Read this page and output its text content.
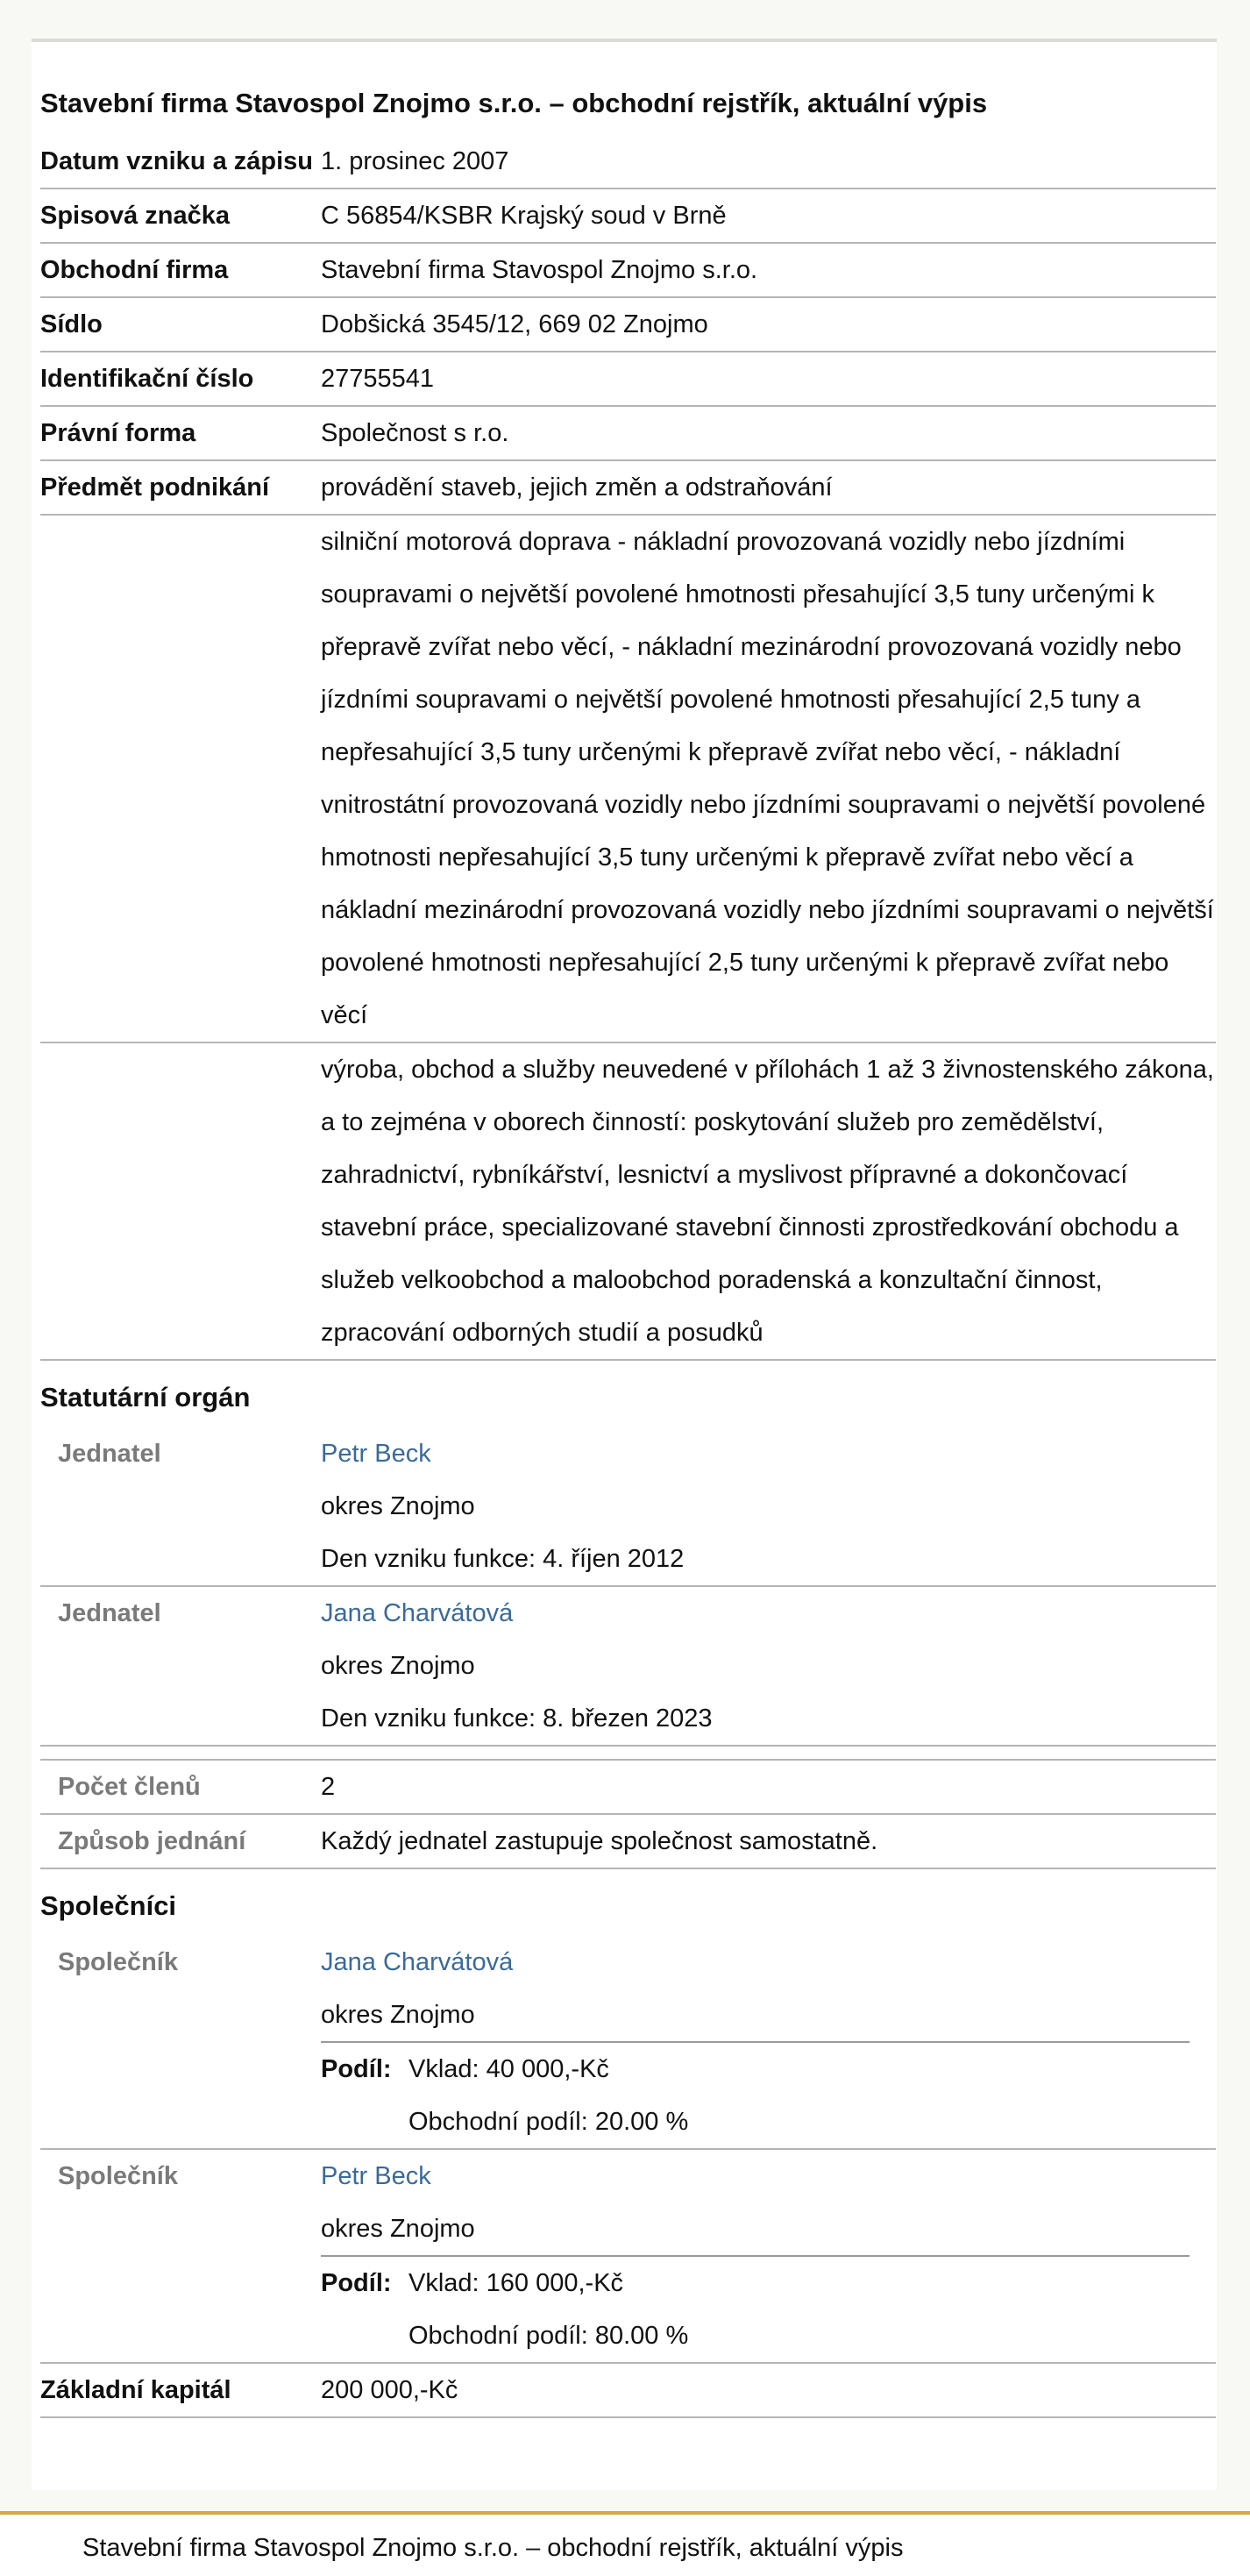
Stavební firma Stavospol Znojmo s.r.o. – obchodní rejstřík, aktuální výpis
Datum vzniku a zápisu	1. prosinec 2007
Spisová značka	C 56854/KSBR Krajský soud v Brně
Obchodní firma	Stavební firma Stavospol Znojmo s.r.o.
Sídlo	Dobšická 3545/12, 669 02 Znojmo
Identifikační číslo	27755541
Právní forma	Společnost s r.o.
Předmět podnikání	provádění staveb, jejich změn a odstraňování
	silniční motorová doprava - nákladní provozovaná vozidly nebo jízdními soupravami o největší povolené hmotnosti přesahující 3,5 tuny určenými k přepravě zvířat nebo věcí, - nákladní mezinárodní provozovaná vozidly nebo jízdními soupravami o největší povolené hmotnosti přesahující 2,5 tuny a nepřesahující 3,5 tuny určenými k přepravě zvířat nebo věcí, - nákladní vnitrostátní provozovaná vozidly nebo jízdními soupravami o největší povolené hmotnosti nepřesahující 3,5 tuny určenými k přepravě zvířat nebo věcí a nákladní mezinárodní provozovaná vozidly nebo jízdními soupravami o největší povolené hmotnosti nepřesahující 2,5 tuny určenými k přepravě zvířat nebo věcí
	výroba, obchod a služby neuvedené v přílohách 1 až 3 živnostenského zákona, a to zejména v oborech činností: poskytování služeb pro zemědělství, zahradnictví, rybníkářství, lesnictví a myslivost přípravné a dokončovací stavební práce, specializované stavební činnosti zprostředkování obchodu a služeb velkoobchod a maloobchod poradenská a konzultační činnost, zpracování odborných studií a posudků
Statutární orgán	
Jednatel	Petr Beck
okres Znojmo
Den vzniku funkce: 4. říjen 2012

Jednatel	Jana Charvátová
okres Znojmo
Den vzniku funkce: 8. březen 2023

Počet členů	2
Způsob jednání	Každý jednatel zastupuje společnost samostatně.
Společníci	
Společník	Jana Charvátová
okres Znojmo
Podíl: Vklad: 40 000,-Kč
Obchodní podíl: 20.00 %

Společník	Petr Beck
okres Znojmo
Podíl: Vklad: 160 000,-Kč
Obchodní podíl: 80.00 %

Základní kapitál	200 000,-Kč
Stavební firma Stavospol Znojmo s.r.o. – obchodní rejstřík, aktuální výpis
